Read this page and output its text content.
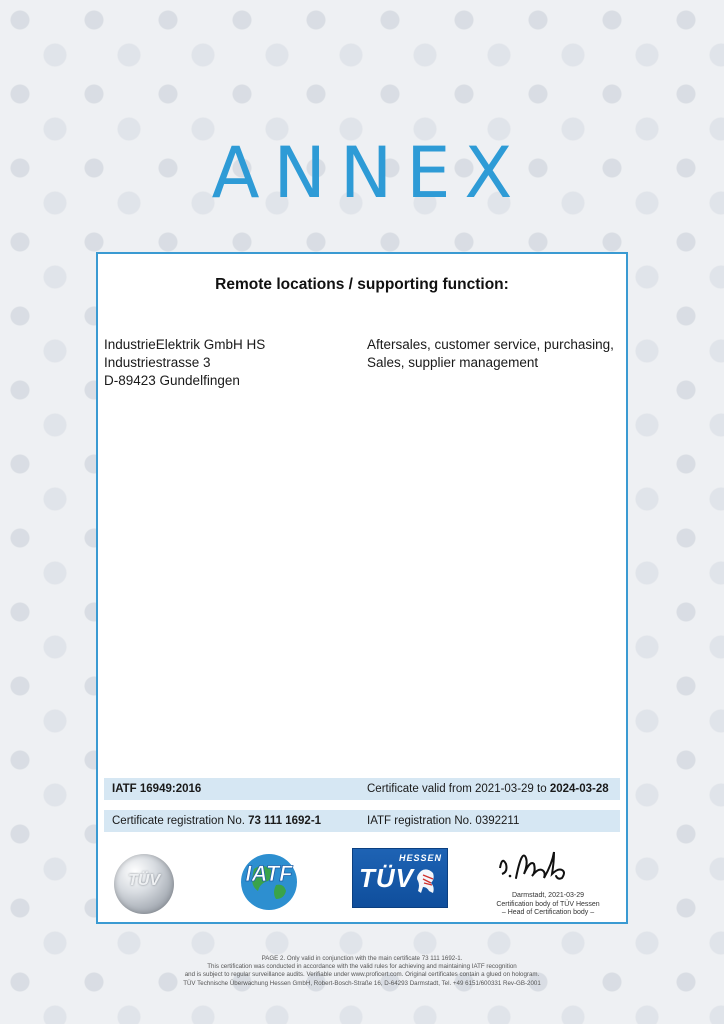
ANNEX
Remote locations / supporting function:
IndustrieElektrik GmbH HS
Industriestrasse 3
D-89423 Gundelfingen
Aftersales, customer service, purchasing,
Sales, supplier management
IATF 16949:2016	Certificate valid from 2021-03-29 to 2024-03-28
Certificate registration No. 73 111 1692-1	IATF registration No. 0392211
TÜV	IATF
HESSEN
TÜV
Darmstadt, 2021-03-29
Certification body of TÜV Hessen
– Head of Certification body –
PAGE 2. Only valid in conjunction with the main certificate 73 111 1692-1.
This certification was conducted in accordance with the valid rules for achieving and maintaining IATF recognition
and is subject to regular surveillance audits. Verifiable under www.proficert.com. Original certificates contain a glued on hologram.
TÜV Technische Überwachung Hessen GmbH, Robert-Bosch-Straße 16, D-64293 Darmstadt, Tel. +49 6151/600331 Rev-GB-2001
